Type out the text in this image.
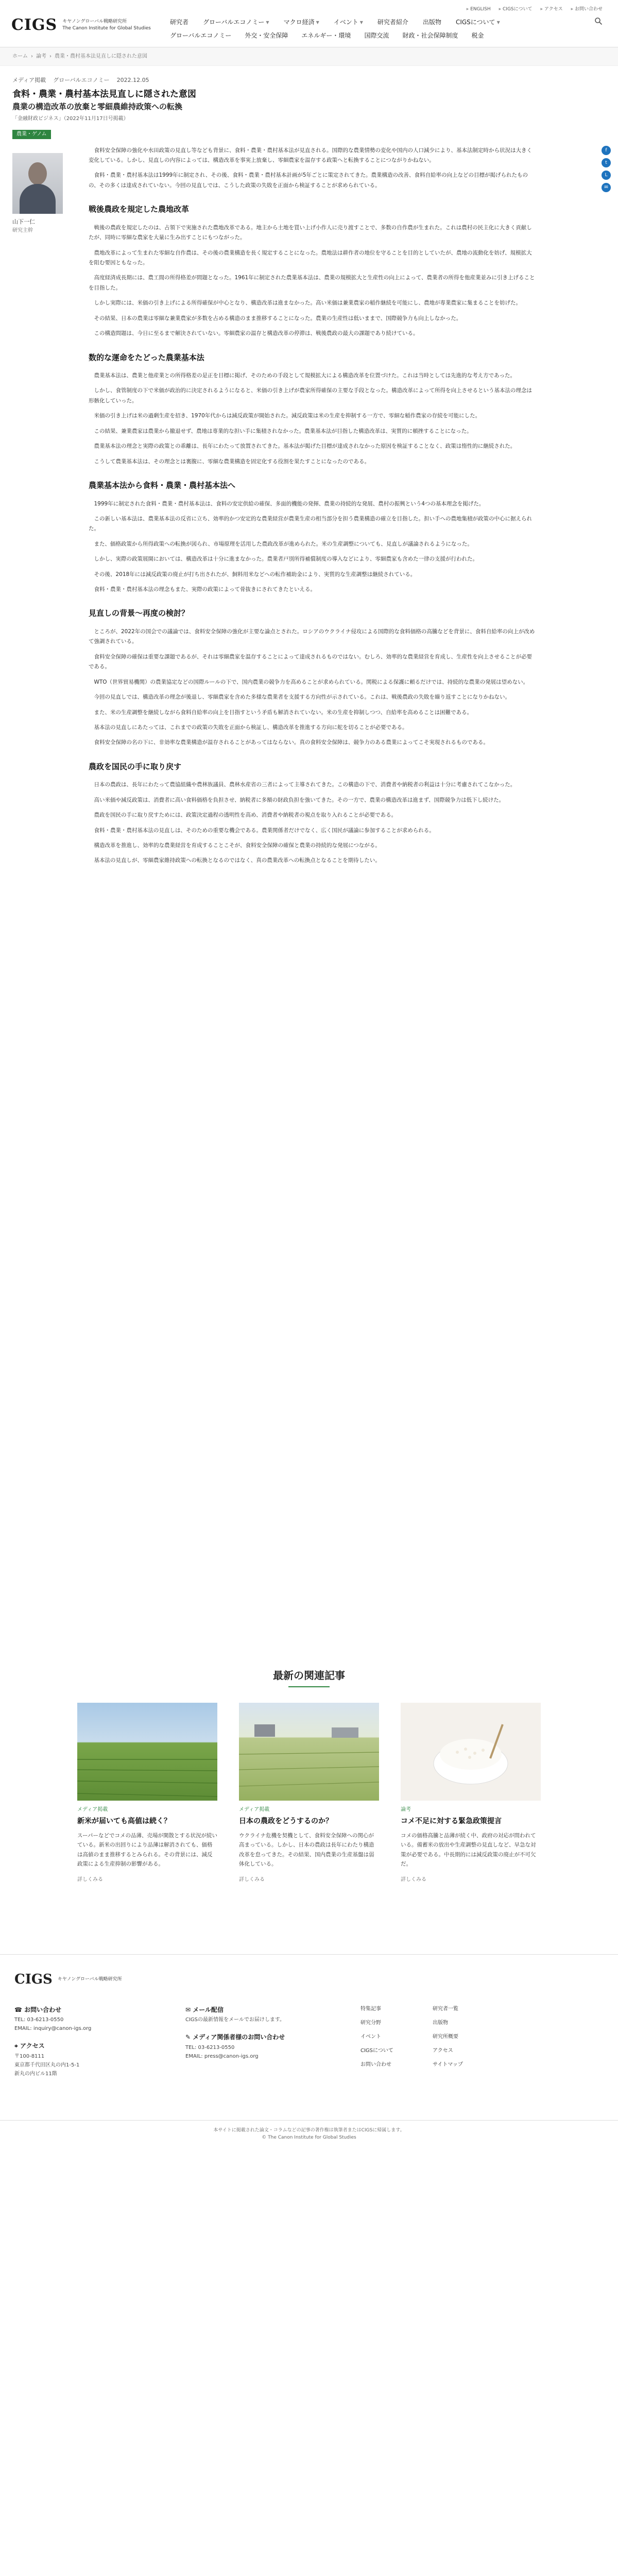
CIGS キヤノングローバル戦略研究所
The Canon Institute for Global Studies
▸ ENGLISH	▸ CIGSについて	▸ アクセス	▸ お問い合わせ
研究者 グローバルエコノミー ▼ マクロ経済 ▼ イベント ▼ 研究者紹介 出版物 CIGSについて ▼
グローバルエコノミー 外交・安全保障 エネルギー・環境 国際交流 財政・社会保障制度 税金
ホーム › 論考 › 農業・農村基本法見直しに隠された意図
メディア掲載 グローバルエコノミー 2022.12.05
食料・農業・農村基本法見直しに隠された意図
農業の構造改革の放棄と零細農維持政策への転換
「金融財政ビジネス」（2022年11月17日号掲載）
農業・ゲノム
山下一仁
研究主幹

食料安全保障の強化や水田政策の見直し等なども背景に、食料・農業・農村基本法が見直される。国際的な農業情勢の変化や国内の人口減少により、基本法制定時から状況は大きく変化している。しかし、見直しの内容によっては、構造改革を事実上放棄し、零細農家を温存する政策へと転換することにつながりかねない。

食料・農業・農村基本法は1999年に制定され、その後、食料・農業・農村基本計画が5年ごとに策定されてきた。農業構造の改善、食料自給率の向上などの目標が掲げられたものの、その多くは達成されていない。今回の見直しでは、こうした政策の失敗を正面から検証することが求められている。

戦後農政を規定した農地改革

戦後の農政を規定したのは、占領下で実施された農地改革である。地主から土地を買い上げ小作人に売り渡すことで、多数の自作農が生まれた。これは農村の民主化に大きく貢献したが、同時に零細な農家を大量に生み出すことにもつながった。

農地改革によって生まれた零細な自作農は、その後の農業構造を長く規定することになった。農地法は耕作者の地位を守ることを目的としていたが、農地の流動化を妨げ、規模拡大を阻む要因ともなった。

高度経済成長期には、農工間の所得格差が問題となった。1961年に制定された農業基本法は、農業の規模拡大と生産性の向上によって、農業者の所得を他産業並みに引き上げることを目指した。

しかし実際には、米価の引き上げによる所得確保が中心となり、構造改革は進まなかった。高い米価は兼業農家の稲作継続を可能にし、農地が専業農家に集まることを妨げた。

その結果、日本の農業は零細な兼業農家が多数を占める構造のまま推移することになった。農業の生産性は低いままで、国際競争力も向上しなかった。

この構造問題は、今日に至るまで解決されていない。零細農家の温存と構造改革の停滞は、戦後農政の最大の課題であり続けている。

数的な運命をたどった農業基本法

農業基本法は、農業と他産業との所得格差の是正を目標に掲げ、そのための手段として規模拡大による構造改革を位置づけた。これは当時としては先進的な考え方であった。

しかし、食管制度の下で米価が政治的に決定されるようになると、米価の引き上げが農家所得確保の主要な手段となった。構造改革によって所得を向上させるという基本法の理念は形骸化していった。

米価の引き上げは米の過剰生産を招き、1970年代からは減反政策が開始された。減反政策は米の生産を抑制する一方で、零細な稲作農家の存続を可能にした。

この結果、兼業農家は農業から撤退せず、農地は専業的な担い手に集積されなかった。農業基本法が目指した構造改革は、実質的に頓挫することになった。

農業基本法の理念と実際の政策との乖離は、長年にわたって放置されてきた。基本法が掲げた目標が達成されなかった原因を検証することなく、政策は惰性的に継続された。

こうして農業基本法は、その理念とは裏腹に、零細な農業構造を固定化する役割を果たすことになったのである。

農業基本法から食料・農業・農村基本法へ

1999年に制定された食料・農業・農村基本法は、食料の安定供給の確保、多面的機能の発揮、農業の持続的な発展、農村の振興という4つの基本理念を掲げた。

この新しい基本法は、農業基本法の反省に立ち、効率的かつ安定的な農業経営が農業生産の相当部分を担う農業構造の確立を目指した。担い手への農地集積が政策の中心に据えられた。

また、価格政策から所得政策への転換が図られ、市場原理を活用した農政改革が進められた。米の生産調整についても、見直しが議論されるようになった。

しかし、実際の政策展開においては、構造改革は十分に進まなかった。農業者戸別所得補償制度の導入などにより、零細農家も含めた一律の支援が行われた。

その後、2018年には減反政策の廃止が打ち出されたが、飼料用米などへの転作補助金により、実質的な生産調整は継続されている。

食料・農業・農村基本法の理念もまた、実際の政策によって骨抜きにされてきたといえる。

見直しの背景〜再度の検討？

ところが、2022年の国会での議論では、食料安全保障の強化が主要な論点とされた。ロシアのウクライナ侵攻による国際的な食料価格の高騰などを背景に、食料自給率の向上が改めて強調されている。

食料安全保障の確保は重要な課題であるが、それは零細農家を温存することによって達成されるものではない。むしろ、効率的な農業経営を育成し、生産性を向上させることが必要である。

WTO（世界貿易機関）の農業協定などの国際ルールの下で、国内農業の競争力を高めることが求められている。関税による保護に頼るだけでは、持続的な農業の発展は望めない。

今回の見直しでは、構造改革の理念が後退し、零細農家を含めた多様な農業者を支援する方向性が示されている。これは、戦後農政の失敗を繰り返すことになりかねない。

また、米の生産調整を継続しながら食料自給率の向上を目指すという矛盾も解消されていない。米の生産を抑制しつつ、自給率を高めることは困難である。

基本法の見直しにあたっては、これまでの政策の失敗を正面から検証し、構造改革を推進する方向に舵を切ることが必要である。

食料安全保障の名の下に、非効率な農業構造が温存されることがあってはならない。真の食料安全保障は、競争力のある農業によってこそ実現されるものである。

農政を国民の手に取り戻す

日本の農政は、長年にわたって農協組織や農林族議員、農林水産省の三者によって主導されてきた。この構造の下で、消費者や納税者の利益は十分に考慮されてこなかった。

高い米価や減反政策は、消費者に高い食料価格を負担させ、納税者に多額の財政負担を強いてきた。その一方で、農業の構造改革は進まず、国際競争力は低下し続けた。

農政を国民の手に取り戻すためには、政策決定過程の透明性を高め、消費者や納税者の視点を取り入れることが必要である。

食料・農業・農村基本法の見直しは、そのための重要な機会である。農業関係者だけでなく、広く国民が議論に参加することが求められる。

構造改革を推進し、効率的な農業経営を育成することこそが、食料安全保障の確保と農業の持続的な発展につながる。

基本法の見直しが、零細農家維持政策への転換となるのではなく、真の農業改革への転換点となることを期待したい。

f
t
L
✉
最新の関連記事
メディア掲載
新米が届いても高値は続く？
スーパーなどでコメの品薄、売場が閑散とする状況が続いている。新米の出回りにより品薄は解消されても、価格は高値のまま推移するとみられる。その背景には、減反政策による生産抑制の影響がある。
詳しくみる
メディア掲載
日本の農政をどうするのか？
ウクライナ危機を契機として、食料安全保障への関心が高まっている。しかし、日本の農政は長年にわたり構造改革を怠ってきた。その結果、国内農業の生産基盤は弱体化している。
詳しくみる
論考
コメ不足に対する緊急政策提言
コメの価格高騰と品薄が続く中、政府の対応が問われている。備蓄米の放出や生産調整の見直しなど、早急な対策が必要である。中長期的には減反政策の廃止が不可欠だ。
詳しくみる
CIGS キヤノングローバル戦略研究所
☎ お問い合わせ
TEL: 03-6213-0550
EMAIL: inquiry@canon-igs.org
⌖ アクセス
〒100-8111
東京都千代田区丸の内1-5-1
新丸の内ビル11階
✉ メール配信
CIGSの最新情報をメールでお届けします。
✎ メディア関係者様のお問い合わせ
TEL: 03-6213-0550
EMAIL: press@canon-igs.org
特集記事	研究者一覧
研究分野	出版物
イベント	研究所概要
CIGSについて	アクセス
お問い合わせ	サイトマップ
本サイトに掲載された論文・コラムなどの記事の著作権は執筆者またはCIGSに帰属します。
© The Canon Institute for Global Studies
